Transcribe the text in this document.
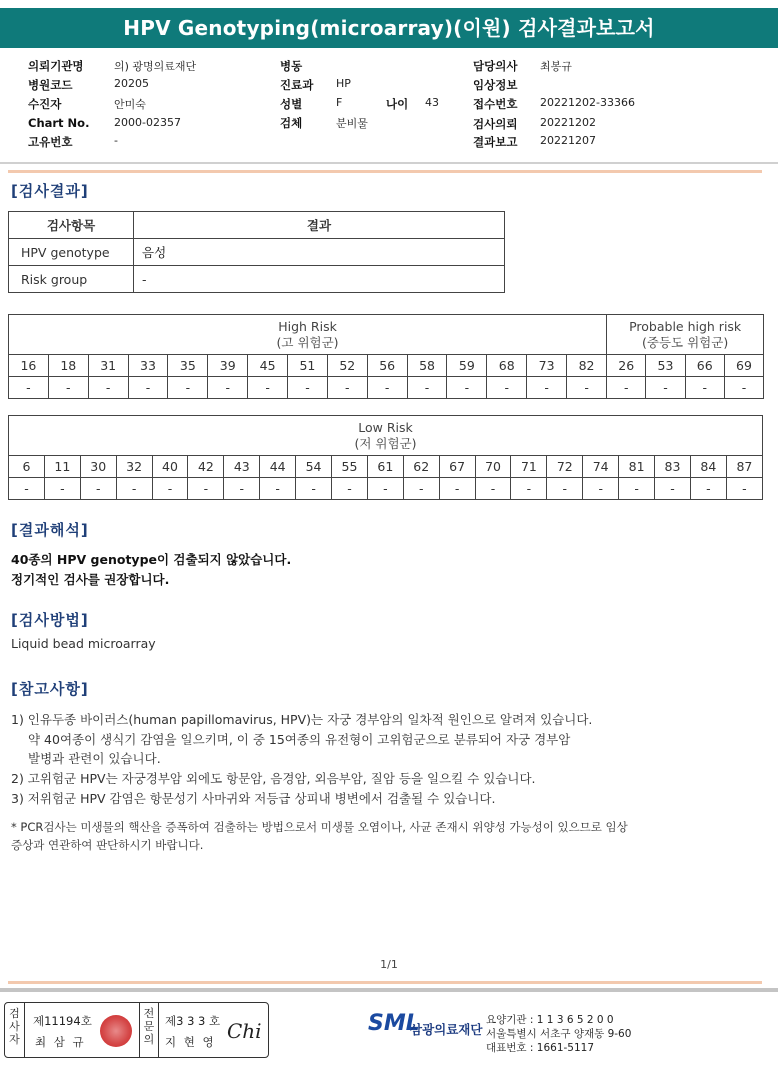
HPV Genotyping(microarray)(이원) 검사결과보고서
의뢰기관명	의) 광명의료재단
병원코드	20205
수진자	안미숙
Chart No. 2000-02357
고유번호	-
병동
진료과 HP
성별	F	나이 43
검체	분비물
담당의사 최봉규
임상정보
접수번호 20221202-33366
검사의뢰 20221202
결과보고 20221207
[검사결과]
검사항목	결과
HPV genotype	음성
Risk group	-
High Risk
(고 위험군)															Probable high risk
(중등도 위험군)			
16	18	31	33	35	39	45	51	52	56	58	59	68	73	82	26	53	66	69
-	-	-	-	-	-	-	-	-	-	-	-	-	-	-	-	-	-	-
Low Risk
(저 위험군)																				
6	11	30	32	40	42	43	44	54	55	61	62	67	70	71	72	74	81	83	84	87
-	-	-	-	-	-	-	-	-	-	-	-	-	-	-	-	-	-	-	-	-
[결과해석]
40종의 HPV genotype이 검출되지 않았습니다.
정기적인 검사를 권장합니다.
[검사방법]
Liquid bead microarray
[참고사항]
1) 인유두종 바이러스(human papillomavirus, HPV)는 자궁 경부암의 일차적 원인으로 알려져 있습니다.
약 40여종이 생식기 감염을 일으키며, 이 중 15여종의 유전형이 고위험군으로 분류되어 자궁 경부암
발병과 관련이 있습니다.
2) 고위험군 HPV는 자궁경부암 외에도 항문암, 음경암, 외음부암, 질암 등을 일으킬 수 있습니다.
3) 저위험군 HPV 감염은 항문성기 사마귀와 저등급 상피내 병변에서 검출될 수 있습니다.
* PCR검사는 미생물의 핵산을 증폭하여 검출하는 방법으로서 미생물 오염이나, 사균 존재시 위양성 가능성이 있으므로 임상
증상과 연관하여 판단하시기 바랍니다.
1/1
검사자
제11194호
최 삼 규
전문의
제3 3 3 호
지 현 영 Chi	SML
삼광의료재단
요양기관 : 1 1 3 6 5 2 0 0
서울특별시 서초구 양재동 9-60
대표번호 : 1661-5117
